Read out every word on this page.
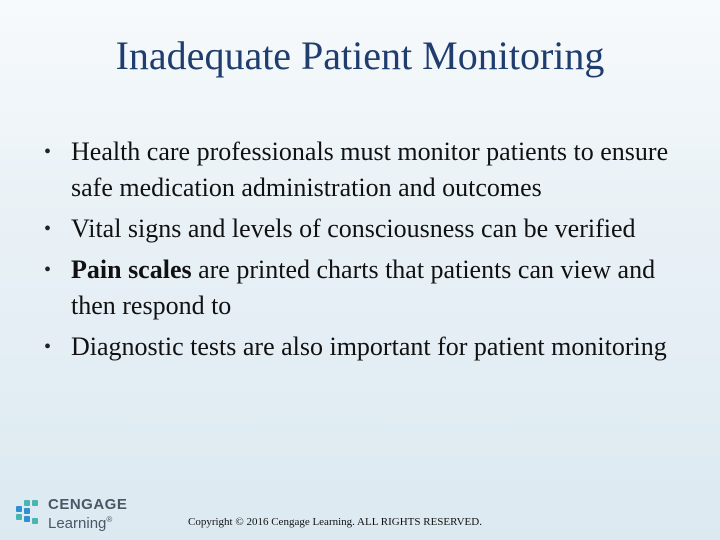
Inadequate Patient Monitoring
• Health care professionals must monitor patients to ensure safe medication administration and outcomes
• Vital signs and levels of consciousness can be verified
• Pain scales are printed charts that patients can view and then respond to
• Diagnostic tests are also important for patient monitoring
CENGAGE
Learning®	Copyright © 2016 Cengage Learning. ALL RIGHTS RESERVED.
